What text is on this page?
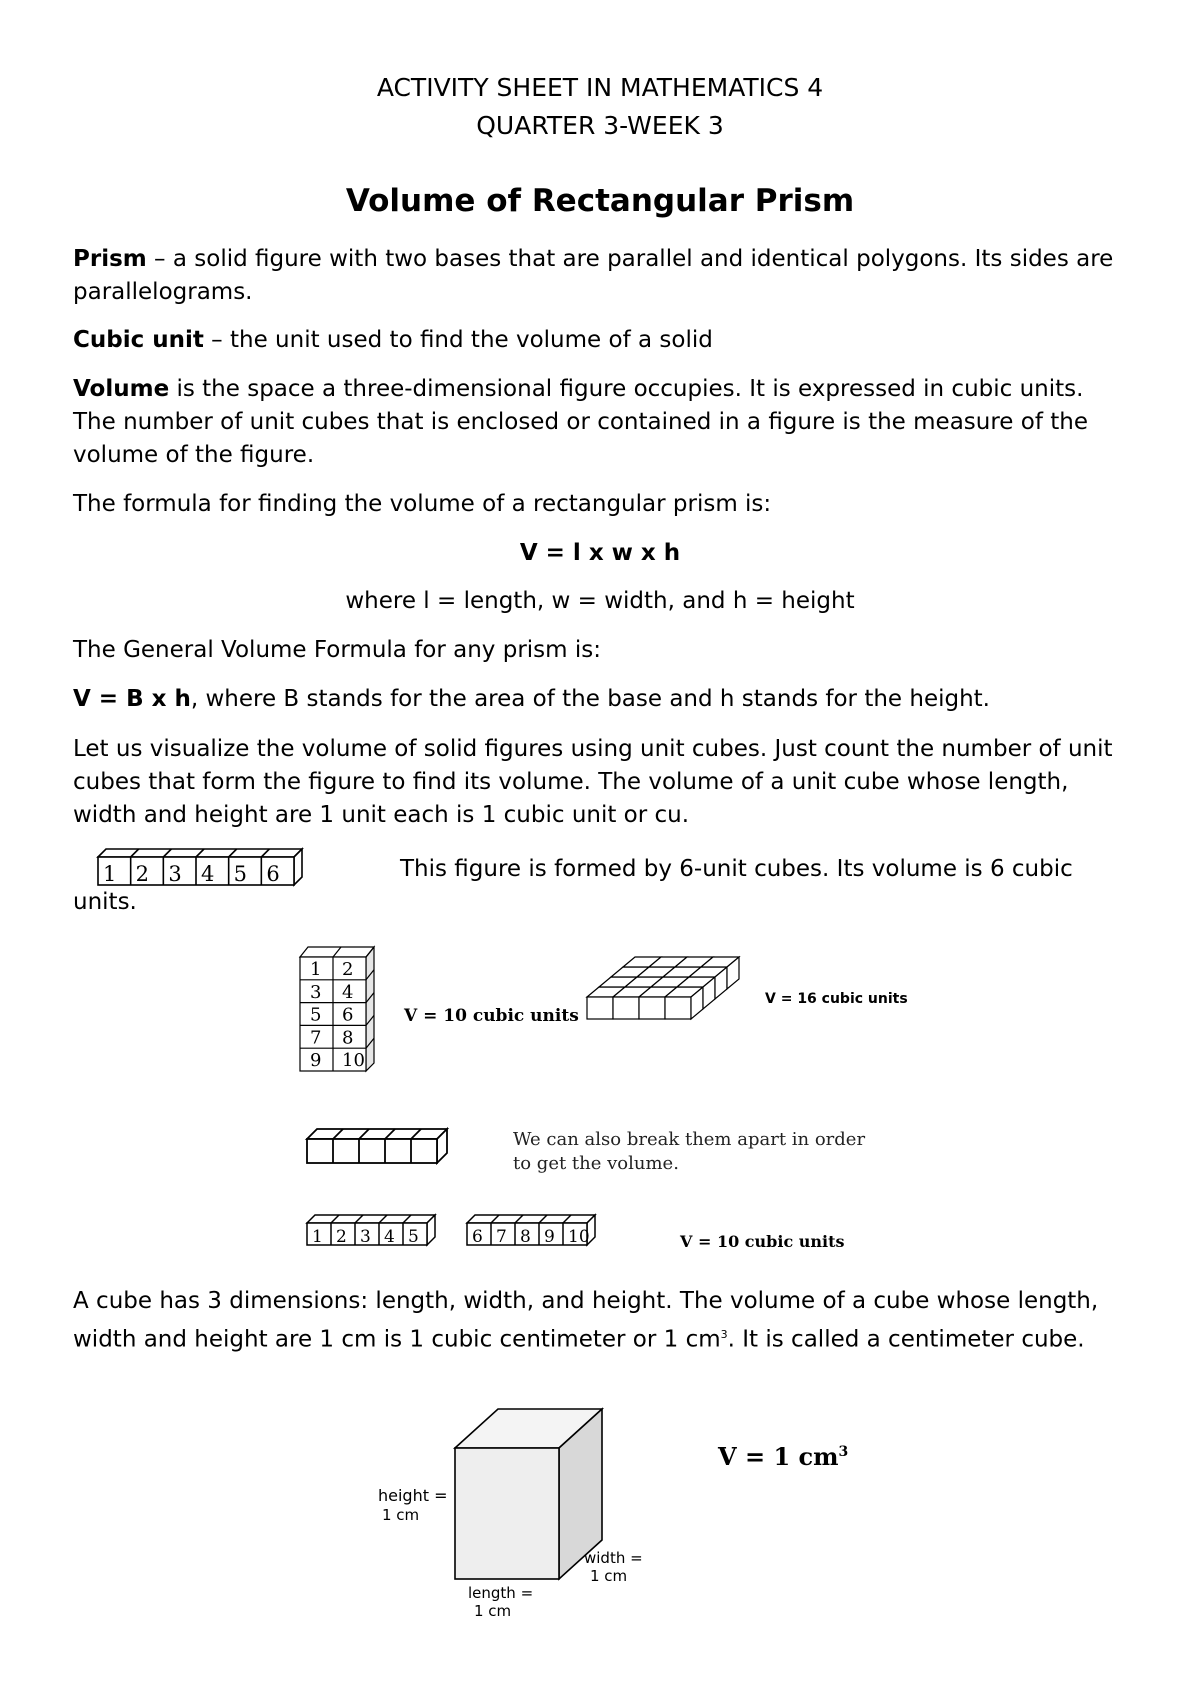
ACTIVITY SHEET IN MATHEMATICS 4
QUARTER 3-WEEK 3
Volume of Rectangular Prism

Prism – a solid figure with two bases that are parallel and identical polygons. Its sides are parallelograms.

Cubic unit – the unit used to find the volume of a solid

Volume is the space a three-dimensional figure occupies. It is expressed in cubic units. The number of unit cubes that is enclosed or contained in a figure is the measure of the volume of the figure.

The formula for finding the volume of a rectangular prism is:

V = l x w x h

where l = length, w = width, and h = height

The General Volume Formula for any prism is:

V = B x h, where B stands for the area of the base and h stands for the height.

Let us visualize the volume of solid figures using unit cubes. Just count the number of unit cubes that form the figure to find its volume. The volume of a unit cube whose length, width and height are 1 unit each is 1 cubic unit or cu.

1 2 3 4 5 6	This figure is formed by 6-unit cubes. Its volume is 6 cubic

units.

1 2
3 4
5 6
7 8
9 10
V = 10 cubic units
V = 16 cubic units
We can also break them apart in order
to get the volume.
1 2 3 4 5	6 7 8 9 10	V = 10 cubic units

A cube has 3 dimensions: length, width, and height. The volume of a cube whose length, width and height are 1 cm is 1 cubic centimeter or 1 $cm^3$. It is called a centimeter cube.

height =
1 cm
width =
1 cm
length =
1 cm
V = 1 $cm^3$
